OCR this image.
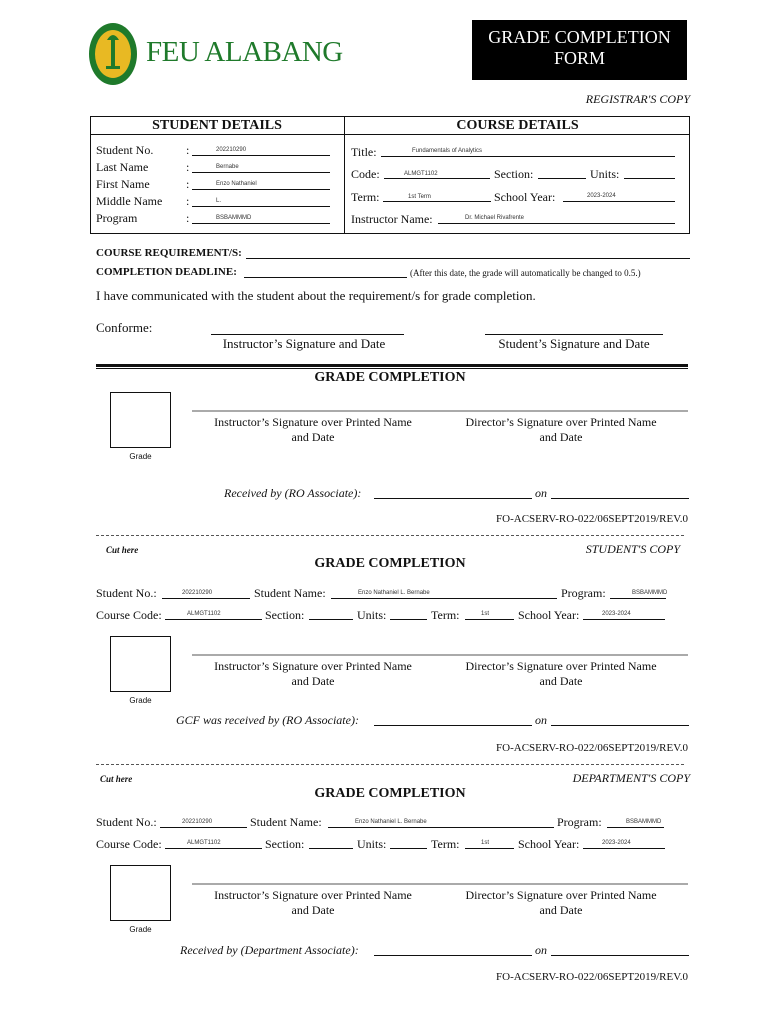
FEU ALABANG	GRADE COMPLETION
FORM
REGISTRAR'S COPY
STUDENT DETAILS	COURSE DETAILS
Student No.	:	202210290
Last Name	:	Bernabe
First Name	:	Enzo Nathaniel
Middle Name :	L.
Program	:	BSBAMMMD
Title:	Fundamentals of Analytics
Code:	ALMGT1102	Section:	Units:
Term:	1st Term	School Year:	2023-2024
Instructor Name:	Dr. Michael Rivafrente
COURSE REQUIREMENT/S:
COMPLETION DEADLINE:	(After this date, the grade will automatically be changed to 0.5.)
I have communicated with the student about the requirement/s for grade completion.
Conforme:
Instructor’s Signature and Date	Student’s Signature and Date
GRADE COMPLETION
Grade
Instructor’s Signature over Printed Name
and Date
Director’s Signature over Printed Name
and Date
Received by (RO Associate):	on
FO-ACSERV-RO-022/06SEPT2019/REV.0
Cut here	STUDENT'S COPY
GRADE COMPLETION
Student No.:	202210290	Student Name:	Enzo Nathaniel L. Bernabe	Program:	BSBAMMMD
Course Code:	ALMGT1102	Section:	Units:	Term:	1st School Year:	2023-2024
Grade
Instructor’s Signature over Printed Name
and Date
Director’s Signature over Printed Name
and Date
GCF was received by (RO Associate):	on
FO-ACSERV-RO-022/06SEPT2019/REV.0
Cut here	DEPARTMENT'S COPY
GRADE COMPLETION
Student No.:	202210290	Student Name:	Enzo Nathaniel L. Bernabe	Program:	BSBAMMMD
Course Code:	ALMGT1102	Section:	Units:	Term:	1st School Year:	2023-2024
Grade
Instructor’s Signature over Printed Name
and Date
Director’s Signature over Printed Name
and Date
Received by (Department Associate):	on
FO-ACSERV-RO-022/06SEPT2019/REV.0
